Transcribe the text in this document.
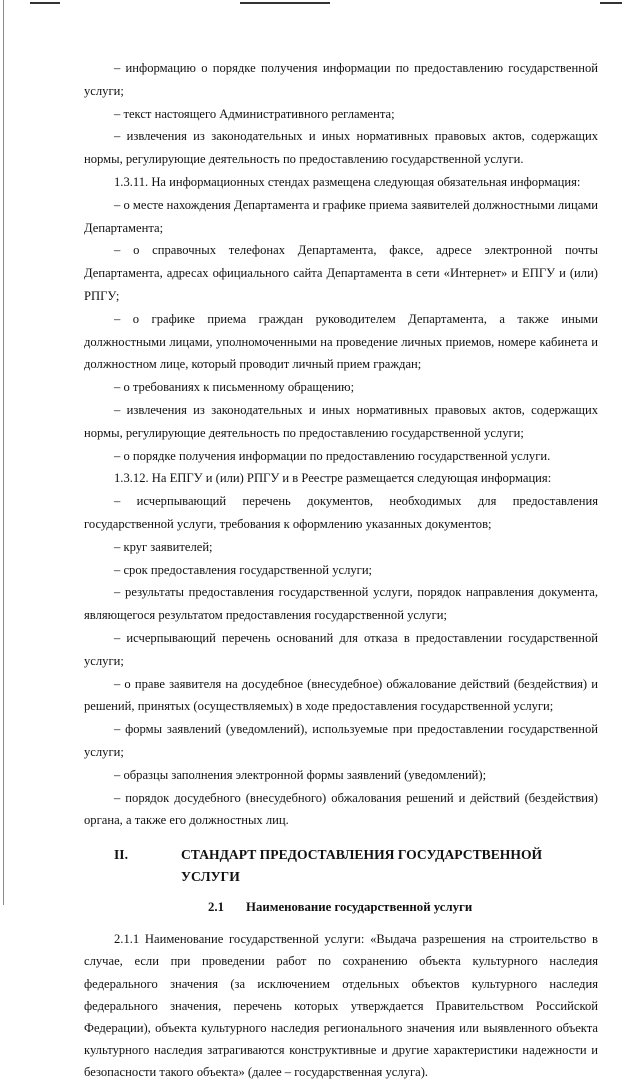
– информацию о порядке получения информации по предоставлению государственной услуги;

– текст настоящего Административного регламента;

– извлечения из законодательных и иных нормативных правовых актов, содержащих нормы, регулирующие деятельность по предоставлению государственной услуги.

1.3.11. На информационных стендах размещена следующая обязательная информация:

– о месте нахождения Департамента и графике приема заявителей должностными лицами Департамента;

– о справочных телефонах Департамента, факсе, адресе электронной почты Департамента, адресах официального сайта Департамента в сети «Интернет» и ЕПГУ и (или) РПГУ;

– о графике приема граждан руководителем Департамента, а также иными должностными лицами, уполномоченными на проведение личных приемов, номере кабинета и должностном лице, который проводит личный прием граждан;

– о требованиях к письменному обращению;

– извлечения из законодательных и иных нормативных правовых актов, содержащих нормы, регулирующие деятельность по предоставлению государственной услуги;

– о порядке получения информации по предоставлению государственной услуги.

1.3.12. На ЕПГУ и (или) РПГУ и в Реестре размещается следующая информация:

– исчерпывающий перечень документов, необходимых для предоставления государственной услуги, требования к оформлению указанных документов;

– круг заявителей;

– срок предоставления государственной услуги;

– результаты предоставления государственной услуги, порядок направления документа, являющегося результатом предоставления государственной услуги;

– исчерпывающий перечень оснований для отказа в предоставлении государственной услуги;

– о праве заявителя на досудебное (внесудебное) обжалование действий (бездействия) и решений, принятых (осуществляемых) в ходе предоставления государственной услуги;

– формы заявлений (уведомлений), используемые при предоставлении государственной услуги;

– образцы заполнения электронной формы заявлений (уведомлений);

– порядок досудебного (внесудебного) обжалования решений и действий (бездействия) органа, а также его должностных лиц.

II.	СТАНДАРТ ПРЕДОСТАВЛЕНИЯ ГОСУДАРСТВЕННОЙ УСЛУГИ
2.1	Наименование государственной услуги

2.1.1 Наименование государственной услуги: «Выдача разрешения на строительство в случае, если при проведении работ по сохранению объекта культурного наследия федерального значения (за исключением отдельных объектов культурного наследия федерального значения, перечень которых утверждается Правительством Российской Федерации), объекта культурного наследия регионального значения или выявленного объекта культурного наследия затрагиваются конструктивные и другие характеристики надежности и безопасности такого объекта» (далее – государственная услуга).
